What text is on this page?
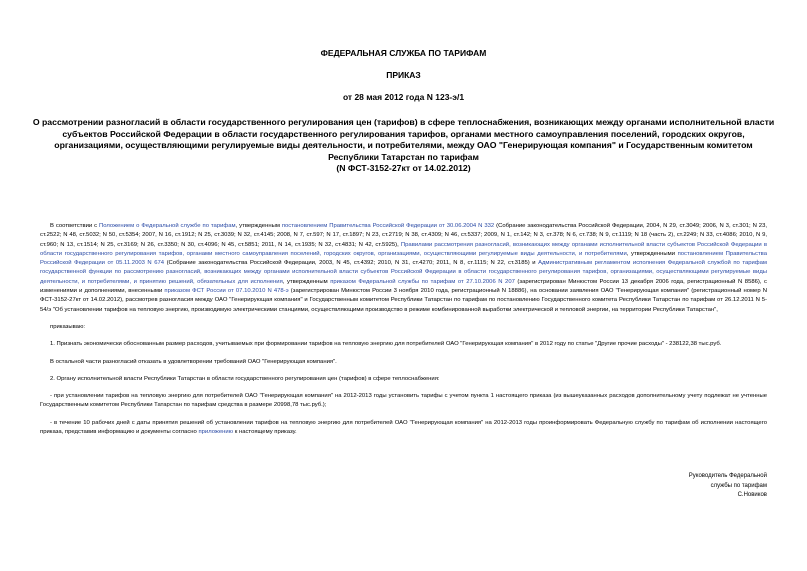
ФЕДЕРАЛЬНАЯ СЛУЖБА ПО ТАРИФАМ
ПРИКАЗ
от 28 мая 2012 года N 123-э/1
О рассмотрении разногласий в области государственного регулирования цен (тарифов) в сфере теплоснабжения, возникающих между органами исполнительной власти субъектов Российской Федерации в области государственного регулирования тарифов, органами местного самоуправления поселений, городских округов, организациями, осуществляющими регулируемые виды деятельности, и потребителями, между ОАО "Генерирующая компания" и Государственным комитетом Республики Татарстан по тарифам
(N ФСТ-3152-27кт от 14.02.2012)

В соответствии с Положением о Федеральной службе по тарифам, утвержденным постановлением Правительства Российской Федерации от 30.06.2004 N 332 (Собрание законодательства Российской Федерации, 2004, N 29, ст.3049; 2006, N 3, ст.301; N 23, ст.2522; N 48, ст.5032; N 50, ст.5354; 2007, N 16, ст.1912; N 25, ст.3039; N 32, ст.4145; 2008, N 7, ст.597; N 17, ст.1897; N 23, ст.2719; N 38, ст.4309; N 46, ст.5337; 2009, N 1, ст.142; N 3, ст.378; N 6, ст.738; N 9, ст.1119; N 18 (часть 2), ст.2249; N 33, ст.4086; 2010, N 9, ст.960; N 13, ст.1514; N 25, ст.3169; N 26, ст.3350; N 30, ст.4096; N 45, ст.5851; 2011, N 14, ст.1935; N 32, ст.4831; N 42, ст.5925), Правилами рассмотрения разногласий, возникающих между органами исполнительной власти субъектов Российской Федерации в области государственного регулирования тарифов, органами местного самоуправления поселений, городских округов, организациями, осуществляющими регулируемые виды деятельности, и потребителями, утвержденными постановлением Правительства Российской Федерации от 05.11.2003 N 674 (Собрание законодательства Российской Федерации, 2003, N 45, ст.4392; 2010, N 31, ст.4270; 2011, N 8, ст.1115; N 22, ст.3185) и Административным регламентом исполнения Федеральной службой по тарифам государственной функции по рассмотрению разногласий, возникающих между органами исполнительной власти субъектов Российской Федерации в области государственного регулирования тарифов, организациями, осуществляющими регулируемые виды деятельности, и потребителями, и принятию решений, обязательных для исполнения, утвержденным приказом Федеральной службы по тарифам от 27.10.2006 N 207 (зарегистрирован Минюстом России 13 декабря 2006 года, регистрационный N 8586), с изменениями и дополнениями, внесенными приказом ФСТ России от 07.10.2010 N 478-э (зарегистрирован Минюстом России 3 ноября 2010 года, регистрационный N 18886), на основании заявления ОАО "Генерирующая компания" (регистрационный номер N ФСТ-3152-27кт от 14.02.2012), рассмотрев разногласия между ОАО "Генерирующая компания" и Государственным комитетом Республики Татарстан по тарифам по постановлению Государственного комитета Республики Татарстан по тарифам от 26.12.2011 N 5-54/э "Об установлении тарифов на тепловую энергию, производимую электрическими станциями, осуществляющими производство в режиме комбинированной выработки электрической и тепловой энергии, на территории Республики Татарстан",

приказываю:

1. Признать экономически обоснованным размер расходов, учитываемых при формировании тарифов на тепловую энергию для потребителей ОАО "Генерирующая компания" в 2012 году по статье "Другие прочие расходы" - 238122,38 тыс.руб.

В остальной части разногласий отказать в удовлетворении требований ОАО "Генерирующая компания".

2. Органу исполнительной власти Республики Татарстан в области государственного регулирования цен (тарифов) в сфере теплоснабжения:

- при установлении тарифов на тепловую энергию для потребителей ОАО "Генерирующая компания" на 2012-2013 годы установить тарифы с учетом пункта 1 настоящего приказа (из вышеуказанных расходов дополнительному учету подлежат не учтенные Государственным комитетом Республики Татарстан по тарифам средства в размере 20998,78 тыс.руб.);

- в течение 10 рабочих дней с даты принятия решений об установлении тарифов на тепловую энергию для потребителей ОАО "Генерирующая компания" на 2012-2013 годы проинформировать Федеральную службу по тарифам об исполнении настоящего приказа, представив информацию и документы согласно приложению к настоящему приказу.

Руководитель Федеральной
службы по тарифам
С.Новиков
